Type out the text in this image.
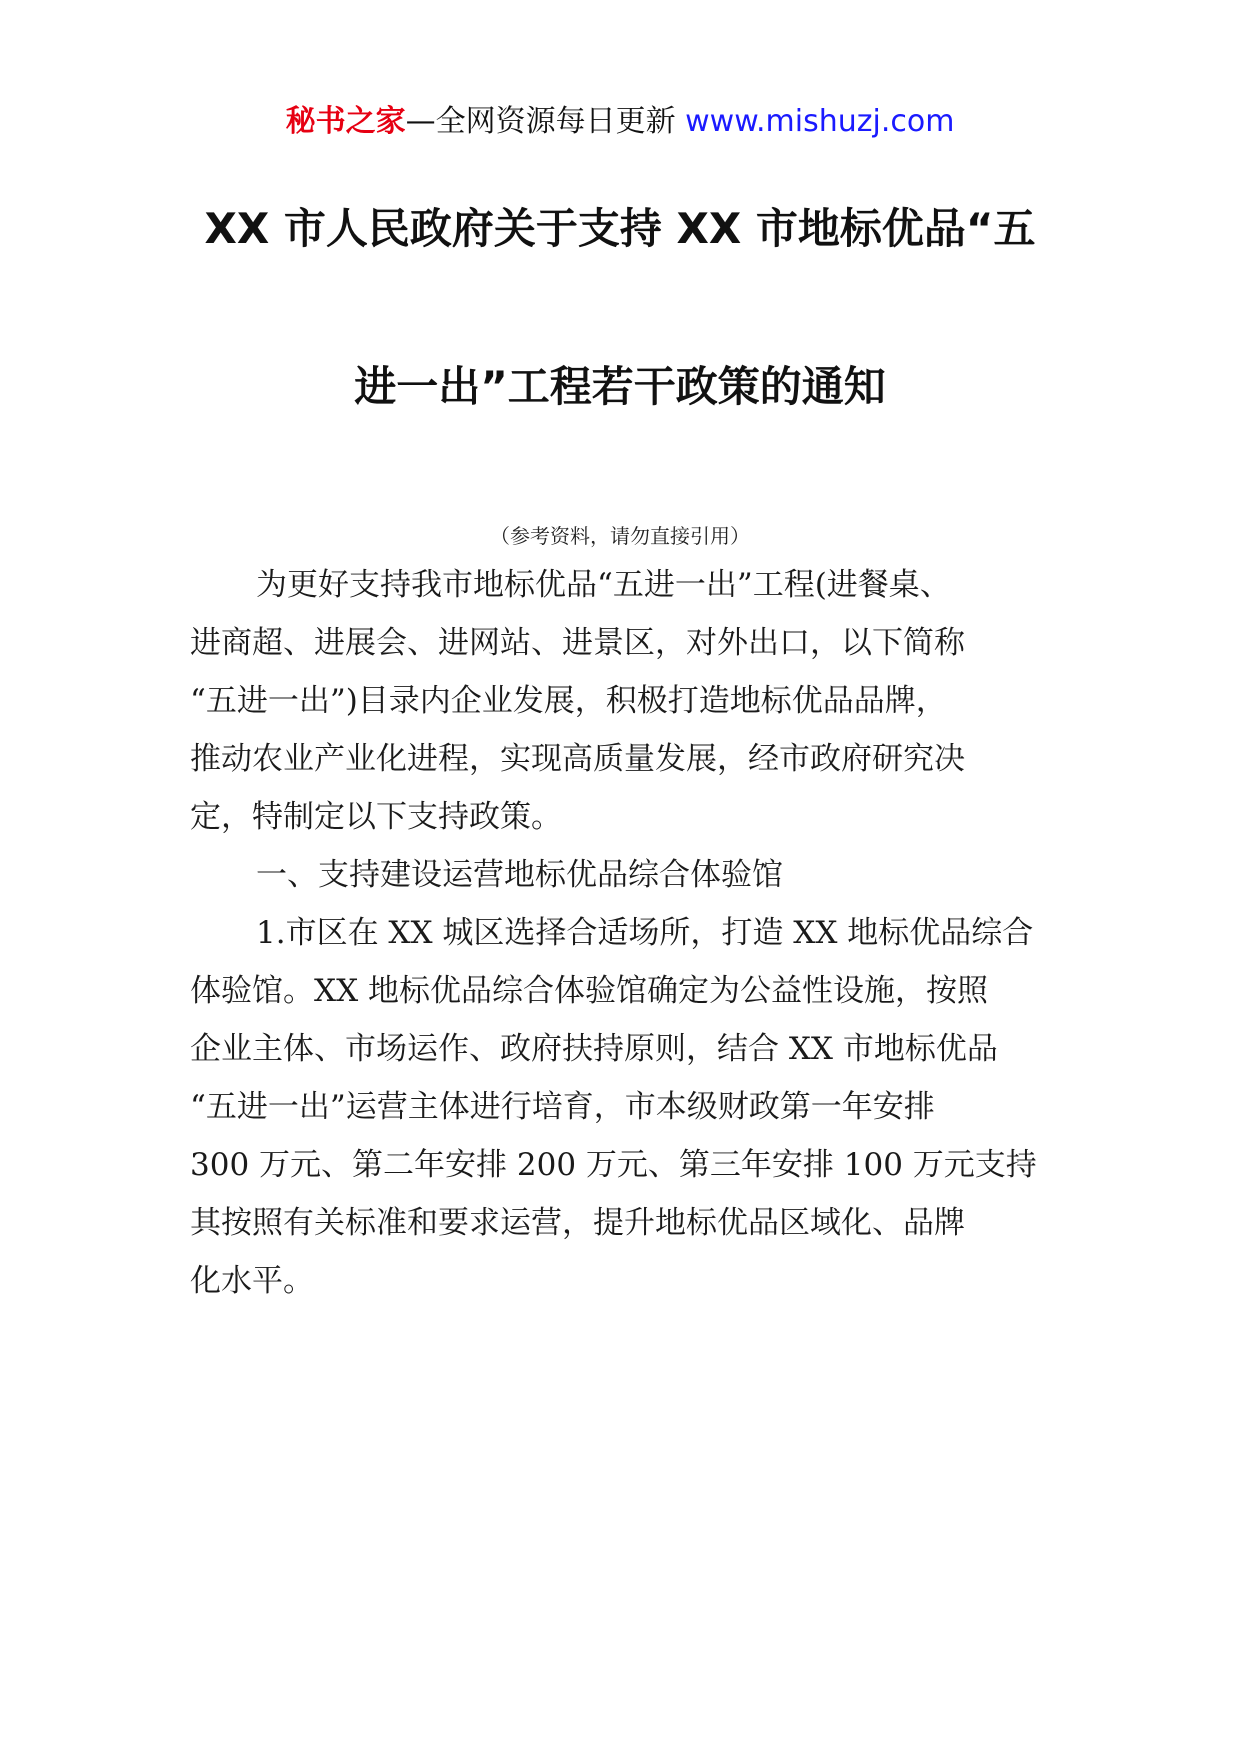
秘书之家—全网资源每日更新 www.mishuzj.com
XX 市人民政府关于支持 XX 市地标优品“五
进一出”工程若干政策的通知
（参考资料，请勿直接引用）
为更好支持我市地标优品“五进一出”工程(进餐桌、
进商超、进展会、进网站、进景区，对外出口，以下简称
“五进一出”)目录内企业发展，积极打造地标优品品牌，
推动农业产业化进程，实现高质量发展，经市政府研究决
定，特制定以下支持政策。
一、支持建设运营地标优品综合体验馆
1.市区在 XX 城区选择合适场所，打造 XX 地标优品综合
体验馆。XX 地标优品综合体验馆确定为公益性设施，按照
企业主体、市场运作、政府扶持原则，结合 XX 市地标优品
“五进一出”运营主体进行培育，市本级财政第一年安排
300 万元、第二年安排 200 万元、第三年安排 100 万元支持
其按照有关标准和要求运营，提升地标优品区域化、品牌
化水平。
